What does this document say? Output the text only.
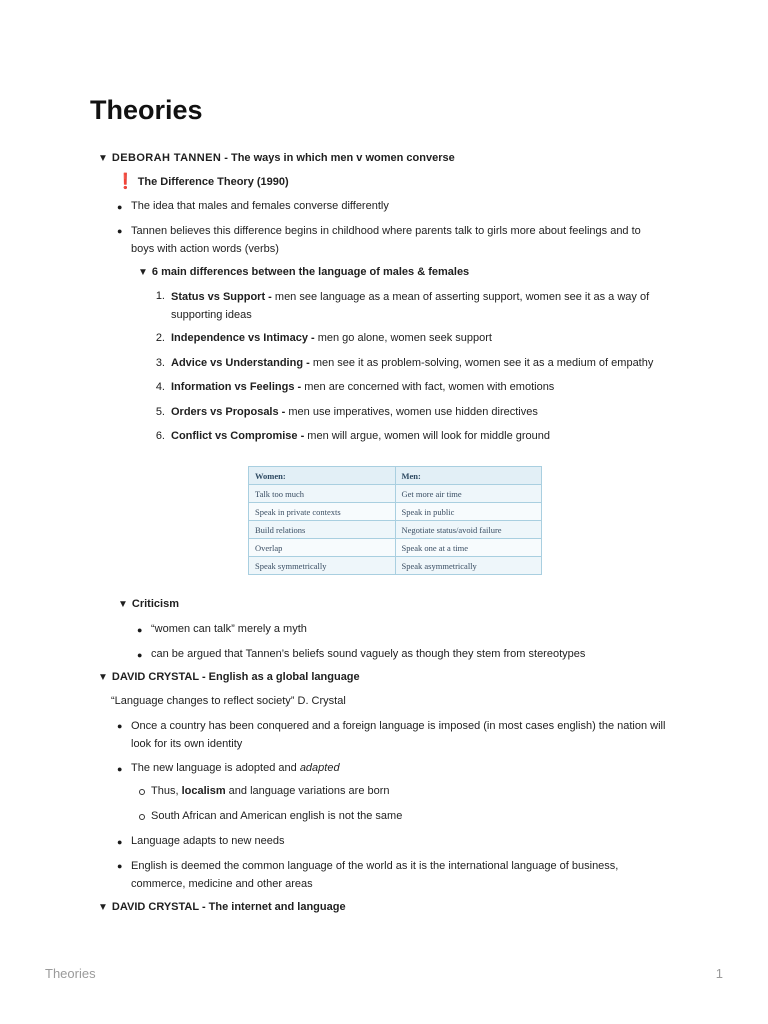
Theories
▼ DEBORAH TANNEN - The ways in which men v women converse
❗ The Difference Theory (1990)
● The idea that males and females converse differently
● Tannen believes this difference begins in childhood where parents talk to girls more about feelings and to boys with action words (verbs)
▼ 6 main differences between the language of males & females
1. Status vs Support - men see language as a mean of asserting support, women see it as a way of supporting ideas
2. Independence vs Intimacy - men go alone, women seek support
3. Advice vs Understanding - men see it as problem-solving, women see it as a medium of empathy
4. Information vs Feelings - men are concerned with fact, women with emotions
5. Orders vs Proposals - men use imperatives, women use hidden directives
6. Conflict vs Compromise - men will argue, women will look for middle ground
Women:	Men:
Talk too much	Get more air time
Speak in private contexts	Speak in public
Build relations	Negotiate status/avoid failure
Overlap	Speak one at a time
Speak symmetrically	Speak asymmetrically
▼ Criticism
● “women can talk” merely a myth
● can be argued that Tannen’s beliefs sound vaguely as though they stem from stereotypes
▼ DAVID CRYSTAL - English as a global language
“Language changes to reflect society” D. Crystal
● Once a country has been conquered and a foreign language is imposed (in most cases english) the nation will look for its own identity
● The new language is adopted and adapted
Thus, localism and language variations are born
South African and American english is not the same
● Language adapts to new needs
● English is deemed the common language of the world as it is the international language of business, commerce, medicine and other areas
▼ DAVID CRYSTAL - The internet and language
Theories	1
